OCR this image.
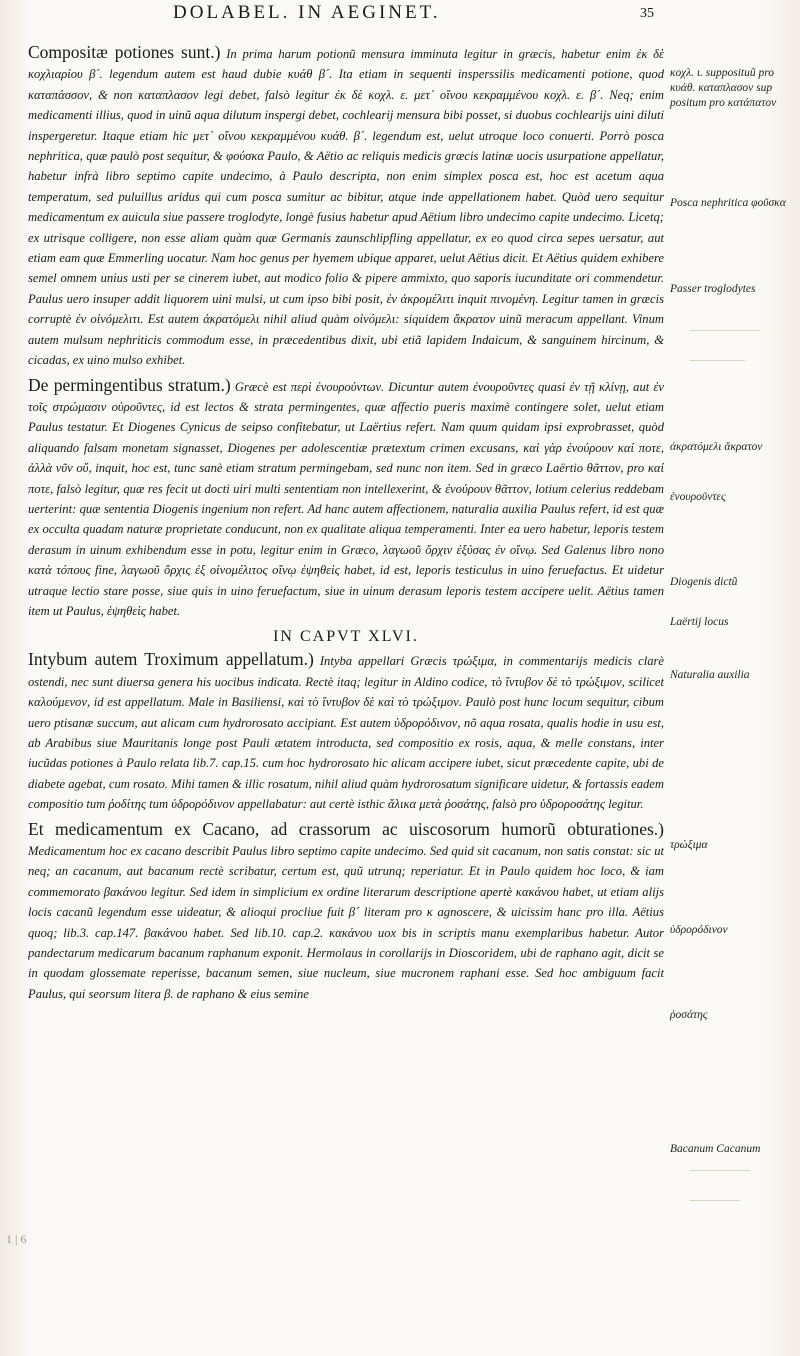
DOLABEL. IN AEGINET.	35

Compositæ potiones sunt.) In prima harum potionũ mensura imminuta legitur in græcis, habetur enim ἐκ δὲ κοχλιαρίου β´. legendum autem est haud dubie κυάθ β´. Ita etiam in sequenti insperssilis medicamenti potione, quod καταπάσσον, & non καταπλασον legi debet, falsò legitur ἐκ δὲ κοχλ. ε. μετ᾽ οἴνου κεκραμμένου κοχλ. ε. β´. Neq; enim medicamenti illius, quod in uinũ aqua dilutum inspergi debet, cochlearij mensura bibi posset, si duobus cochlearijs uini diluti inspergeretur. Itaque etiam hic μετ᾽ οἴνου κεκραμμένου κυάθ. β´. legendum est, uelut utroque loco conuerti. Porrò posca nephritica, quæ paulò post sequitur, & φούσκα Paulo, & Aëtio ac reliquis medicis græcis latinæ uocis usurpatione appellatur, habetur infrà libro septimo capite undecimo, à Paulo descripta, non enim simplex posca est, hoc est acetum aqua temperatum, sed puluillus aridus qui cum posca sumitur ac bibitur, atque inde appellationem habet. Quòd uero sequitur medicamentum ex auicula siue passere troglodyte, longè fusius habetur apud Aëtium libro undecimo capite undecimo. Licetq; ex utrisque colligere, non esse aliam quàm quæ Germanis zaunschlipfling appellatur, ex eo quod circa sepes uersatur, aut etiam eam quæ Emmerling uocatur. Nam hoc genus per hyemem ubique apparet, uelut Aëtius dicit. Et Aëtius quidem exhibere semel omnem unius usti per se cinerem iubet, aut modico folio & pipere ammixto, quo saporis iucunditate ori commendetur. Paulus uero insuper addit liquorem uini mulsi, ut cum ipso bibi posit, ἐν ἀκρομέλιτι inquit πινομένη. Legitur tamen in græcis corruptè ἐν οἰνόμελιτι. Est autem ἀκρατόμελι nihil aliud quàm οἰνόμελι: siquidem ἄκρατον uinũ meracum appellant. Vinum autem mulsum nephriticis commodum esse, in præcedentibus dixit, ubi etiã lapidem Indaicum, & sanguinem hircinum, & cicadas, ex uino mulso exhibet.

De permingentibus stratum.) Græcè est περὶ ἐνουρούντων. Dicuntur autem ἐνουροῦντες quasi ἐν τῇ κλίνῃ, aut ἐν τοῖς στρώμασιν οὐροῦντες, id est lectos & strata permingentes, quæ affectio pueris maximè contingere solet, uelut etiam Paulus testatur. Et Diogenes Cynicus de seipso confitebatur, ut Laërtius refert. Nam quum quidam ipsi exprobrasset, quòd aliquando falsam monetam signasset, Diogenes per adolescentiæ prætextum crimen excusans, καὶ γὰρ ἐνούρουν καί ποτε, ἀλλὰ νῦν οὔ, inquit, hoc est, tunc sanè etiam stratum permingebam, sed nunc non item. Sed in græco Laërtio θᾶττον, pro καί ποτε, falsò legitur, quæ res fecit ut docti uiri multi sententiam non intellexerint, & ἐνούρουν θᾶττον, lotium celerius reddebam uerterint: quæ sententia Diogenis ingenium non refert. Ad hanc autem affectionem, naturalia auxilia Paulus refert, id est quæ ex occulta quadam naturæ proprietate conducunt, non ex qualitate aliqua temperamenti. Inter ea uero habetur, leporis testem derasum in uinum exhibendum esse in potu, legitur enim in Græco, λαγωοῦ ὄρχιν ἐξύσας ἐν οἴνῳ. Sed Galenus libro nono κατὰ τόπους fine, λαγωοῦ ὄρχις ἐξ οἰνομέλιτος οἴνῳ ἑψηθεὶς habet, id est, leporis testiculus in uino feruefactus. Et uidetur utraque lectio stare posse, siue quis in uino feruefactum, siue in uinum derasum leporis testem accipere uelit. Aëtius tamen item ut Paulus, ἑψηθεὶς habet.

IN CAPVT XLVI.

Intybum autem Troximum appellatum.) Intyba appellari Græcis τρώξιμα, in commentarijs medicis clarè ostendi, nec sunt diuersa genera his uocibus indicata. Rectè itaq; legitur in Aldino codice, τὸ ἴντυβον δὲ τὸ τρώξιμον, scilicet καλούμενον, id est appellatum. Male in Basiliensi, καὶ τὸ ἴντυβον δὲ καὶ τὸ τρώξιμον. Paulò post hunc locum sequitur, cibum uero ptisanæ succum, aut alicam cum hydrorosato accipiant. Est autem ὑδρορόδινον, nõ aqua rosata, qualis hodie in usu est, ab Arabibus siue Mauritanis longe post Pauli ætatem introducta, sed compositio ex rosis, aqua, & melle constans, inter iucũdas potiones à Paulo relata lib.7. cap.15. cum hoc hydrorosato hic alicam accipere iubet, sicut præcedente capite, ubi de diabete agebat, cum rosato. Mihi tamen & illic rosatum, nihil aliud quàm hydrorosatum significare uidetur, & fortassis eadem compositio tum ῥοδίτης tum ὑδρορόδινον appellabatur: aut certè isthic ἄλικα μετὰ ῥοσάτης, falsò pro ὑδροροσάτης legitur.

Et medicamentum ex Cacano, ad crassorum ac uiscosorum humorũ obturationes.) Medicamentum hoc ex cacano describit Paulus libro septimo capite undecimo. Sed quid sit cacanum, non satis constat: sic ut neq; an cacanum, aut bacanum rectè scribatur, certum est, quũ utrunq; reperiatur. Et in Paulo quidem hoc loco, & iam commemorato βακάνου legitur. Sed idem in simplicium ex ordine literarum descriptione apertè κακάνου habet, ut etiam alijs locis cacanũ legendum esse uideatur, & alioqui procliue fuit β´ literam pro κ agnoscere, & uicissim hanc pro illa. Aëtius quoq; lib.3. cap.147. βακάνου habet. Sed lib.10. cap.2. κακάνου uox bis in scriptis manu exemplaribus habetur. Autor pandectarum medicarum bacanum raphanum exponit. Hermolaus in corollarijs in Dioscoridem, ubi de raphano agit, dicit se in quodam glossemate reperisse, bacanum semen, siue nucleum, siue mucronem raphani esse. Sed hoc ambiguum facit Paulus, qui seorsum litera β. de raphano & eius semine

κοχλ. ι. supposituũ pro κυάθ. καταπλασον sup positum pro κατάπατον
Posca nephritica φοῦσκα
Passer troglodytes
ἀκρατόμελι ἄκρατον
ἐνουροῦντες
Diogenis dictũ
Laërtij locus
Naturalia auxilia
τρώξιμα
ὑδρορόδινον
ῥοσάτης
Bacanum Cacanum
1 | 6
